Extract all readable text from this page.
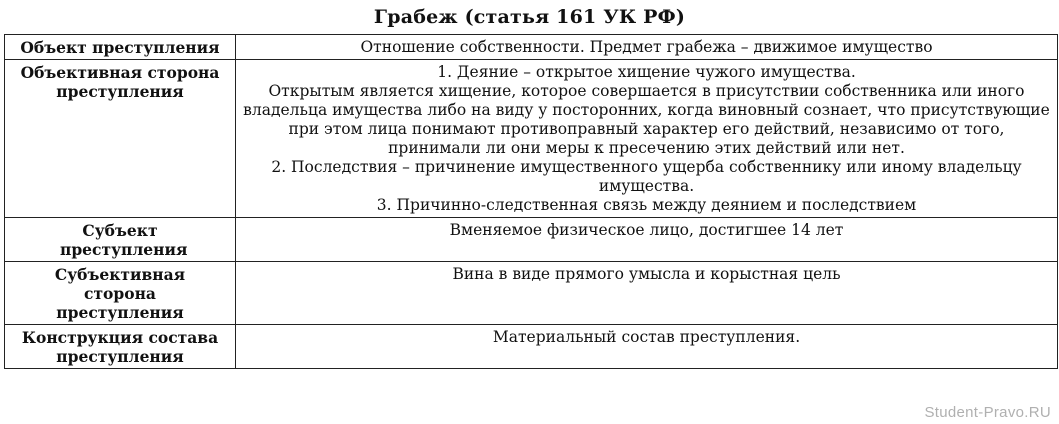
Грабеж (статья 161 УК РФ)
Объект преступления	Отношение собственности. Предмет грабежа – движимое имущество

Объективная сторона преступления	1. Деяние – открытое хищение чужого имущества.
Открытым является хищение, которое совершается в присутствии собственника или иного владельца имущества либо на виду у посторонних, когда виновный сознает, что присутствующие при этом лица понимают противоправный характер его действий, независимо от того, принимали ли они меры к пресечению этих действий или нет.
2. Последствия – причинение имущественного ущерба собственнику или иному владельцу имущества.
3. Причинно-следственная связь между деянием и последствием

Субъект преступления	Вменяемое физическое лицо, достигшее 14 лет

Субъективная сторона преступления	Вина в виде прямого умысла и корыстная цель

Конструкция состава преступления	Материальный состав преступления.
Student-Pravo.RU
